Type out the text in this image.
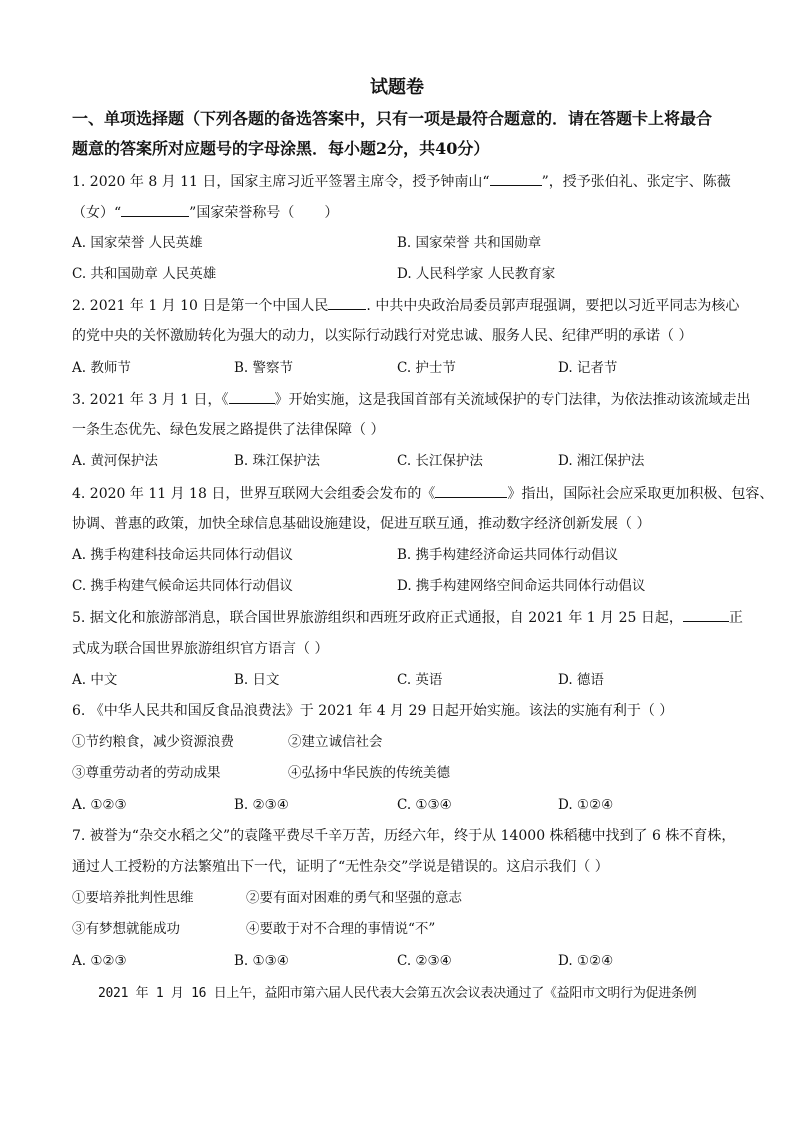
试题卷
一、单项选择题（下列各题的备选答案中，只有一项是最符合题意的．请在答题卡上将最合
题意的答案所对应题号的字母涂黑．每小题2分，共40分）
1. 2020 年 8 月 11 日，国家主席习近平签署主席令，授予钟南山“	”，授予张伯礼、张定宇、陈薇
（女）“	”国家荣誉称号（ ）
A. 国家荣誉 人民英雄	B. 国家荣誉 共和国勋章
C. 共和国勋章 人民英雄	D. 人民科学家 人民教育家
2. 2021 年 1 月 10 日是第一个中国人民	. 中共中央政治局委员郭声琨强调，要把以习近平同志为核心
的党中央的关怀激励转化为强大的动力，以实际行动践行对党忠诚、服务人民、纪律严明的承诺（ ）
A. 教师节	B. 警察节	C. 护士节	D. 记者节
3. 2021 年 3 月 1 日，《	》开始实施，这是我国首部有关流域保护的专门法律，为依法推动该流域走出
一条生态优先、绿色发展之路提供了法律保障（ ）
A. 黄河保护法	B. 珠江保护法	C. 长江保护法	D. 湘江保护法
4. 2020 年 11 月 18 日，世界互联网大会组委会发布的《	》指出，国际社会应采取更加积极、包容、
协调、普惠的政策，加快全球信息基础设施建设，促进互联互通，推动数字经济创新发展（ ）
A. 携手构建科技命运共同体行动倡议	B. 携手构建经济命运共同体行动倡议
C. 携手构建气候命运共同体行动倡议	D. 携手构建网络空间命运共同体行动倡议
5. 据文化和旅游部消息，联合国世界旅游组织和西班牙政府正式通报，自 2021 年 1 月 25 日起，	正
式成为联合国世界旅游组织官方语言（ ）
A. 中文	B. 日文	C. 英语	D. 德语
6. 《中华人民共和国反食品浪费法》于 2021 年 4 月 29 日起开始实施。该法的实施有利于（ ）
①节约粮食，减少资源浪费	②建立诚信社会
③尊重劳动者的劳动成果	④弘扬中华民族的传统美德
A. ①②③	B. ②③④	C. ①③④	D. ①②④
7. 被誉为“杂交水稻之父”的袁隆平费尽千辛万苦，历经六年，终于从 14000 株稻穗中找到了 6 株不育株，
通过人工授粉的方法繁殖出下一代，证明了“无性杂交”学说是错误的。这启示我们（ ）
①要培养批判性思维	②要有面对困难的勇气和坚强的意志
③有梦想就能成功	④要敢于对不合理的事情说“不”
A. ①②③	B. ①③④	C. ②③④	D. ①②④
2021 年 1 月 16 日上午，益阳市第六届人民代表大会第五次会议表决通过了《益阳市文明行为促进条例
